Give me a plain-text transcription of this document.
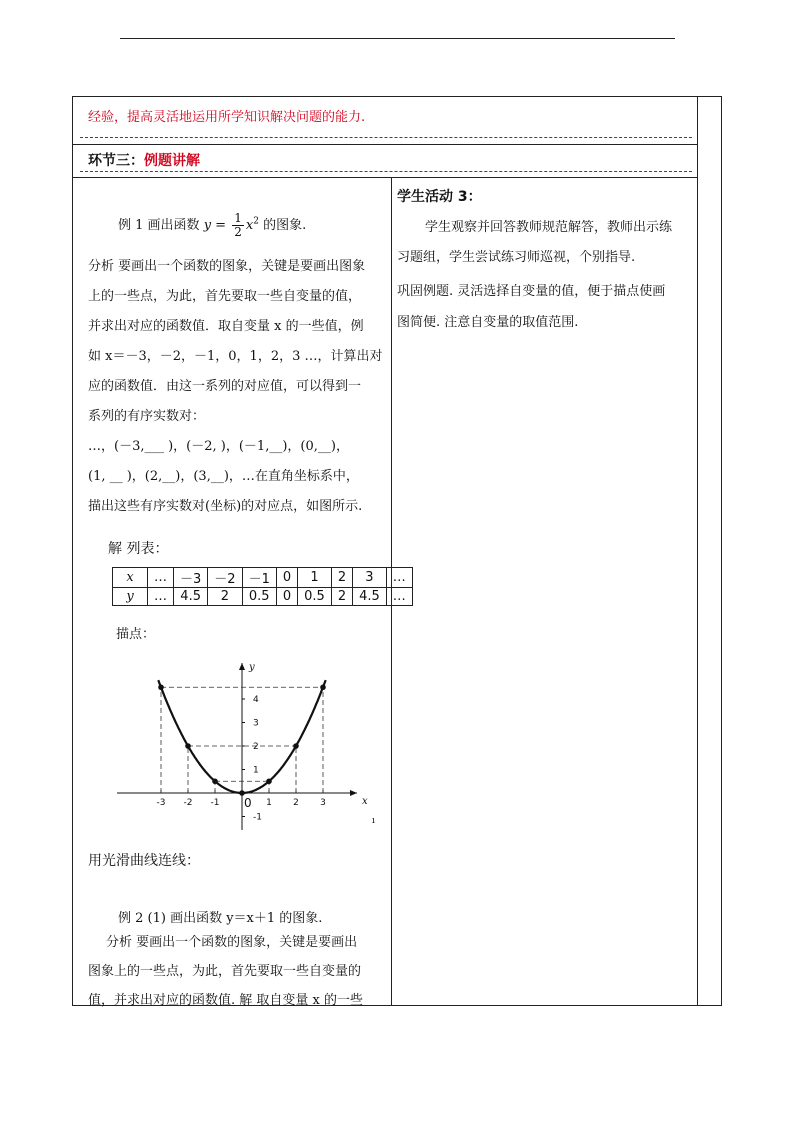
经验，提高灵活地运用所学知识解决问题的能力.
环节三：例题讲解
学生活动 3：
学生观察并回答教师规范解答，教师出示练
习题组，学生尝试练习师巡视，个别指导.
巩固例题. 灵活选择自变量的值，便于描点使画
图简便. 注意自变量的取值范围.
例 1 画出函数 $y = \frac{1}{2} x^2$ 的图象.
分析 要画出一个函数的图象，关键是要画出图象
上的一些点，为此，首先要取一些自变量的值，
并求出对应的函数值．取自变量 x 的一些值，例
如 x＝－3，－2，－1，0，1，2，3 …，计算出对
应的函数值．由这一系列的对应值，可以得到一
系列的有序实数对：
…，(－3,___ )，(－2, )，(－1,__)，(0,__)，
(1, __ )，(2,__)，(3,__)，…在直角坐标系中，
描出这些有序实数对(坐标)的对应点，如图所示.
解 列表：
x	…	－3	－2	－1	0	1	2	3	…
y	…	4.5	2	0.5	0	0.5	2	4.5	…
描点：
x
y
0
-3 -2 -1	1 2 3
4
3
2
1
-1	ı
用光滑曲线连线：
例 2 (1) 画出函数 y＝x＋1 的图象.
分析 要画出一个函数的图象，关键是要画出
图象上的一些点，为此，首先要取一些自变量的
值，并求出对应的函数值. 解 取自变量 x 的一些
